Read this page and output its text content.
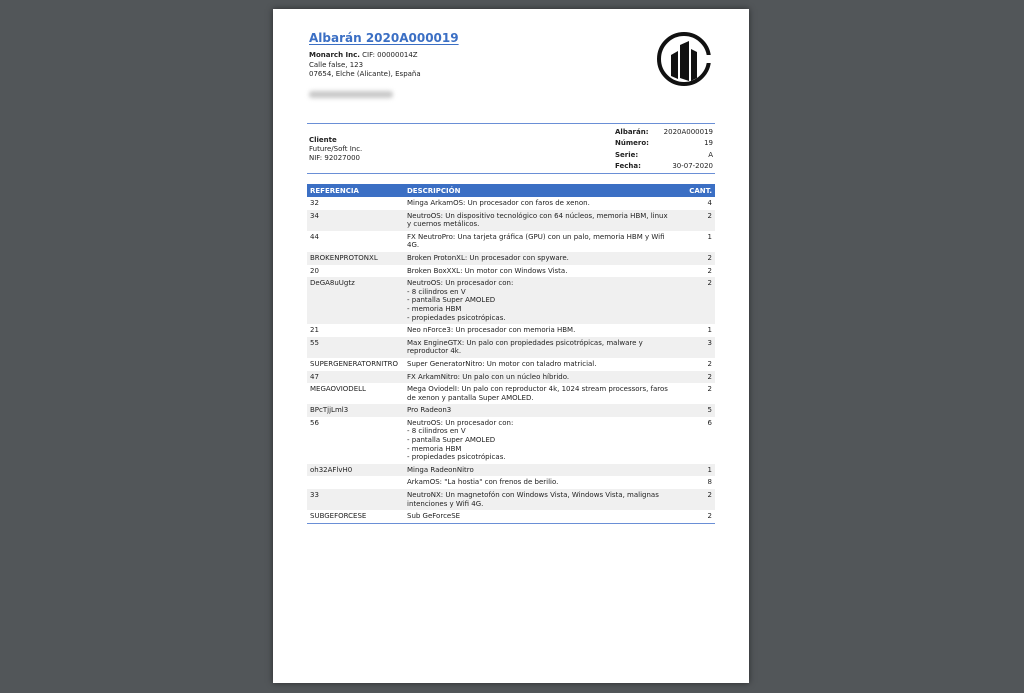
Albarán 2020A000019
Monarch Inc. CIF: 00000014Z
Calle false, 123
07654, Elche (Alicante), España
Cliente
Future/Soft Inc.
NIF: 92027000
Albarán:	2020A000019
Número:	19
Serie:	A
Fecha:	30-07-2020
REFERENCIA	DESCRIPCIÓN	CANT.
32	Minga ArkamOS: Un procesador con faros de xenon.	4
34	NeutroOS: Un dispositivo tecnológico con 64 núcleos, memoria HBM, linux
y cuernos metálicos.	2
44	FX NeutroPro: Una tarjeta gráfica (GPU) con un palo, memoria HBM y Wifi
4G.	1
BROKENPROTONXL	Broken ProtonXL: Un procesador con spyware.	2
20	Broken BoxXXL: Un motor con Windows Vista.	2
DeGA8uUgtz	NeutroOS: Un procesador con:
- 8 cilindros en V
- pantalla Super AMOLED
- memoria HBM
- propiedades psicotrópicas.	2
21	Neo nForce3: Un procesador con memoria HBM.	1
55	Max EngineGTX: Un palo con propiedades psicotrópicas, malware y
reproductor 4k.	3
SUPERGENERATORNITRO	Super GeneratorNitro: Un motor con taladro matricial.	2
47	FX ArkamNitro: Un palo con un núcleo híbrido.	2
MEGAOVIODELL	Mega OviodelI: Un palo con reproductor 4k, 1024 stream processors, faros
de xenon y pantalla Super AMOLED.	2
BPcTjjLml3	Pro Radeon3	5
56	NeutroOS: Un procesador con:
- 8 cilindros en V
- pantalla Super AMOLED
- memoria HBM
- propiedades psicotrópicas.	6
oh32AFlvH0	Minga RadeonNitro	1
	ArkamOS: "La hostia" con frenos de berilio.	8
33	NeutroNX: Un magnetofón con Windows Vista, Windows Vista, malignas
intenciones y Wifi 4G.	2
SUBGEFORCESE	Sub GeForceSE	2
